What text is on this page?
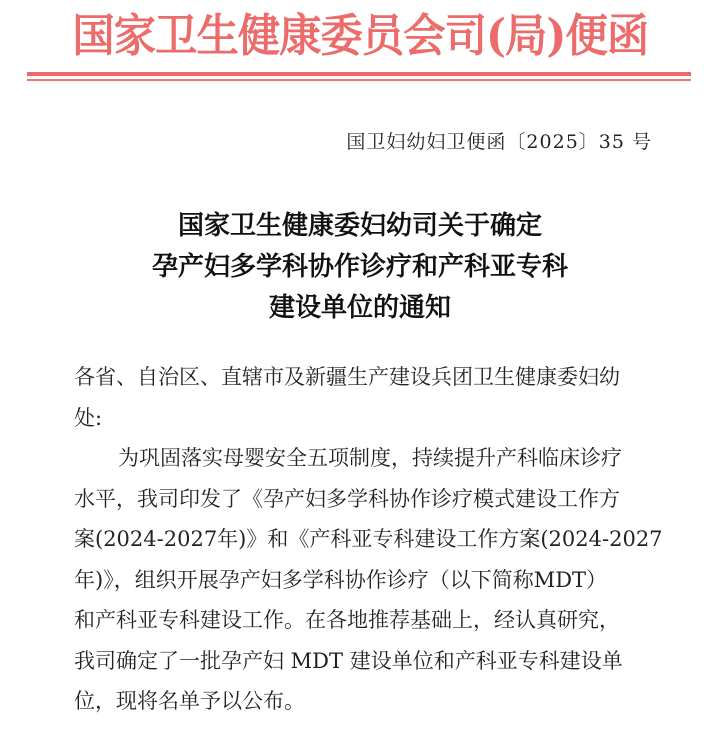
国家卫生健康委员会司(局)便函
国卫妇幼妇卫便函〔2025〕35 号
国家卫生健康委妇幼司关于确定
孕产妇多学科协作诊疗和产科亚专科
建设单位的通知
各省、自治区、直辖市及新疆生产建设兵团卫生健康委妇幼
处:
为巩固落实母婴安全五项制度，持续提升产科临床诊疗
水平，我司印发了《孕产妇多学科协作诊疗模式建设工作方
案(2024-2027年)》和《产科亚专科建设工作方案(2024-2027
年)》，组织开展孕产妇多学科协作诊疗（以下简称MDT）
和产科亚专科建设工作。在各地推荐基础上，经认真研究，
我司确定了一批孕产妇 MDT 建设单位和产科亚专科建设单
位，现将名单予以公布。
